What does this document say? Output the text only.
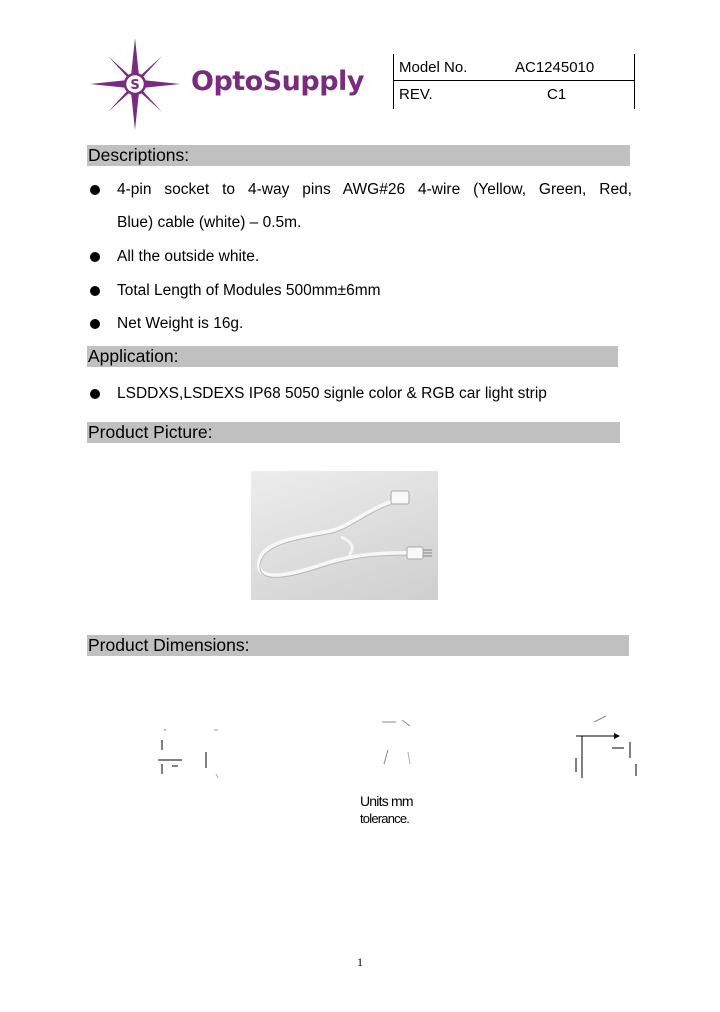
S OptoSupply Model No.	AC1245010
REV.	C1
Descriptions:
4-pin socket to 4-way pins AWG#26 4-wire (Yellow, Green, Red,
Blue) cable (white) – 0.5m.
All the outside white.
Total Length of Modules 500mm±6mm
Net Weight is 16g.
Application:
LSDDXS,LSDEXS IP68 5050 signle color & RGB car light strip
Product Picture:
Product Dimensions:
Units mm
tolerance.
1
